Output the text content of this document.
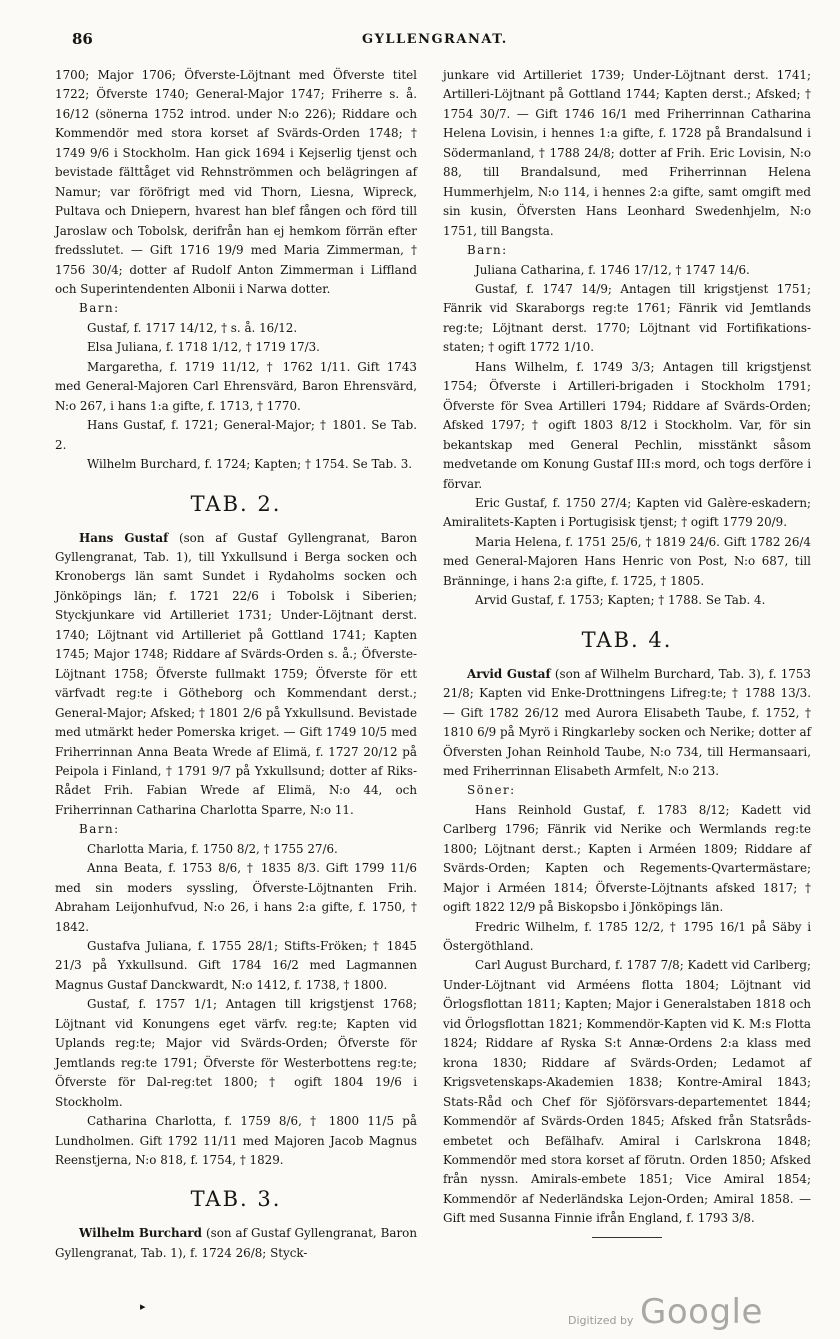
86	GYLLENGRANAT.

1700; Major 1706; Öfverste-Löjtnant med Öfverste titel 1722; Öfverste 1740; General-Major 1747; Friherre s. å. 16/12 (sönerna 1752 introd. under N:o 226); Riddare och Kommendör med stora korset af Svärds-Orden 1748; † 1749 9/6 i Stockholm. Han gick 1694 i Kejserlig tjenst och bevistade fälttåget vid Rehnströmmen och belägringen af Namur; var föröfrigt med vid Thorn, Liesna, Wipreck, Pultava och Dniepern, hvarest han blef fången och förd till Jaroslaw och Tobolsk, derifrån han ej hemkom förrän efter fredsslutet. — Gift 1716 19/9 med Maria Zimmerman, † 1756 30/4; dotter af Rudolf Anton Zimmerman i Liffland och Superintendenten Albonii i Narwa dotter.

Barn:

Gustaf, f. 1717 14/12, † s. å. 16/12.

Elsa Juliana, f. 1718 1/12, † 1719 17/3.

Margaretha, f. 1719 11/12, † 1762 1/11. Gift 1743 med General-Majoren Carl Ehrensvärd, Baron Ehrensvärd, N:o 267, i hans 1:a gifte, f. 1713, † 1770.

Hans Gustaf, f. 1721; General-Major; † 1801. Se Tab. 2.

Wilhelm Burchard, f. 1724; Kapten; † 1754. Se Tab. 3.

TAB. 2.

Hans Gustaf (son af Gustaf Gyllengranat, Baron Gyllengranat, Tab. 1), till Yxkullsund i Berga socken och Kronobergs län samt Sundet i Rydaholms socken och Jönköpings län; f. 1721 22/6 i Tobolsk i Siberien; Styckjunkare vid Artilleriet 1731; Under-Löjtnant derst. 1740; Löjtnant vid Artilleriet på Gottland 1741; Kapten 1745; Major 1748; Riddare af Svärds-Orden s. å.; Öfverste-Löjtnant 1758; Öfverste fullmakt 1759; Öfverste för ett värfvadt reg:te i Götheborg och Kommendant derst.; General-Major; Afsked; † 1801 2/6 på Yxkullsund. Bevistade med utmärkt heder Pomerska kriget. — Gift 1749 10/5 med Friherrinnan Anna Beata Wrede af Elimä, f. 1727 20/12 på Peipola i Finland, † 1791 9/7 på Yxkullsund; dotter af Riks-Rådet Frih. Fabian Wrede af Elimä, N:o 44, och Friherrinnan Catharina Charlotta Sparre, N:o 11.

Barn:

Charlotta Maria, f. 1750 8/2, † 1755 27/6.

Anna Beata, f. 1753 8/6, † 1835 8/3. Gift 1799 11/6 med sin moders syssling, Öfverste-Löjtnanten Frih. Abraham Leijonhufvud, N:o 26, i hans 2:a gifte, f. 1750, † 1842.

Gustafva Juliana, f. 1755 28/1; Stifts-Fröken; † 1845 21/3 på Yxkullsund. Gift 1784 16/2 med Lagmannen Magnus Gustaf Danckwardt, N:o 1412, f. 1738, † 1800.

Gustaf, f. 1757 1/1; Antagen till krigstjenst 1768; Löjtnant vid Konungens eget värfv. reg:te; Kapten vid Uplands reg:te; Major vid Svärds-Orden; Öfverste för Jemtlands reg:te 1791; Öfverste för Westerbottens reg:te; Öfverste för Dal-reg:tet 1800; † ogift 1804 19/6 i Stockholm.

Catharina Charlotta, f. 1759 8/6, † 1800 11/5 på Lundholmen. Gift 1792 11/11 med Majoren Jacob Magnus Reenstjerna, N:o 818, f. 1754, † 1829.

TAB. 3.

Wilhelm Burchard (son af Gustaf Gyllengranat, Baron Gyllengranat, Tab. 1), f. 1724 26/8; Styck-

junkare vid Artilleriet 1739; Under-Löjtnant derst. 1741; Artilleri-Löjtnant på Gottland 1744; Kapten derst.; Afsked; † 1754 30/7. — Gift 1746 16/1 med Friherrinnan Catharina Helena Lovisin, i hennes 1:a gifte, f. 1728 på Brandalsund i Södermanland, † 1788 24/8; dotter af Frih. Eric Lovisin, N:o 88, till Brandalsund, med Friherrinnan Helena Hummerhjelm, N:o 114, i hennes 2:a gifte, samt omgift med sin kusin, Öfversten Hans Leonhard Swedenhjelm, N:o 1751, till Bangsta.

Barn:

Juliana Catharina, f. 1746 17/12, † 1747 14/6.

Gustaf, f. 1747 14/9; Antagen till krigstjenst 1751; Fänrik vid Skaraborgs reg:te 1761; Fänrik vid Jemtlands reg:te; Löjtnant derst. 1770; Löjtnant vid Fortifikations-staten; † ogift 1772 1/10.

Hans Wilhelm, f. 1749 3/3; Antagen till krigstjenst 1754; Öfverste i Artilleri-brigaden i Stockholm 1791; Öfverste för Svea Artilleri 1794; Riddare af Svärds-Orden; Afsked 1797; † ogift 1803 8/12 i Stockholm. Var, för sin bekantskap med General Pechlin, misstänkt såsom medvetande om Konung Gustaf III:s mord, och togs derföre i förvar.

Eric Gustaf, f. 1750 27/4; Kapten vid Galère-eskadern; Amiralitets-Kapten i Portugisisk tjenst; † ogift 1779 20/9.

Maria Helena, f. 1751 25/6, † 1819 24/6. Gift 1782 26/4 med General-Majoren Hans Henric von Post, N:o 687, till Bränninge, i hans 2:a gifte, f. 1725, † 1805.

Arvid Gustaf, f. 1753; Kapten; † 1788. Se Tab. 4.

TAB. 4.

Arvid Gustaf (son af Wilhelm Burchard, Tab. 3), f. 1753 21/8; Kapten vid Enke-Drottningens Lifreg:te; † 1788 13/3. — Gift 1782 26/12 med Aurora Elisabeth Taube, f. 1752, † 1810 6/9 på Myrö i Ringkarleby socken och Nerike; dotter af Öfversten Johan Reinhold Taube, N:o 734, till Hermansaari, med Friherrinnan Elisabeth Armfelt, N:o 213.

Söner:

Hans Reinhold Gustaf, f. 1783 8/12; Kadett vid Carlberg 1796; Fänrik vid Nerike och Wermlands reg:te 1800; Löjtnant derst.; Kapten i Arméen 1809; Riddare af Svärds-Orden; Kapten och Regements-Qvartermästare; Major i Arméen 1814; Öfverste-Löjtnants afsked 1817; † ogift 1822 12/9 på Biskopsbo i Jönköpings län.

Fredric Wilhelm, f. 1785 12/2, † 1795 16/1 på Säby i Östergöthland.

Carl August Burchard, f. 1787 7/8; Kadett vid Carlberg; Under-Löjtnant vid Arméens flotta 1804; Löjtnant vid Örlogsflottan 1811; Kapten; Major i Generalstaben 1818 och vid Örlogsflottan 1821; Kommendör-Kapten vid K. M:s Flotta 1824; Riddare af Ryska S:t Annæ-Ordens 2:a klass med krona 1830; Riddare af Svärds-Orden; Ledamot af Krigsvetenskaps-Akademien 1838; Kontre-Amiral 1843; Stats-Råd och Chef för Sjöförsvars-departementet 1844; Kommendör af Svärds-Orden 1845; Afsked från Statsråds-embetet och Befälhafv. Amiral i Carlskrona 1848; Kommendör med stora korset af förutn. Orden 1850; Afsked från nyssn. Amirals-embete 1851; Vice Amiral 1854; Kommendör af Nederländska Lejon-Orden; Amiral 1858. — Gift med Susanna Finnie ifrån England, f. 1793 3/8.

▸
Digitized by Google
